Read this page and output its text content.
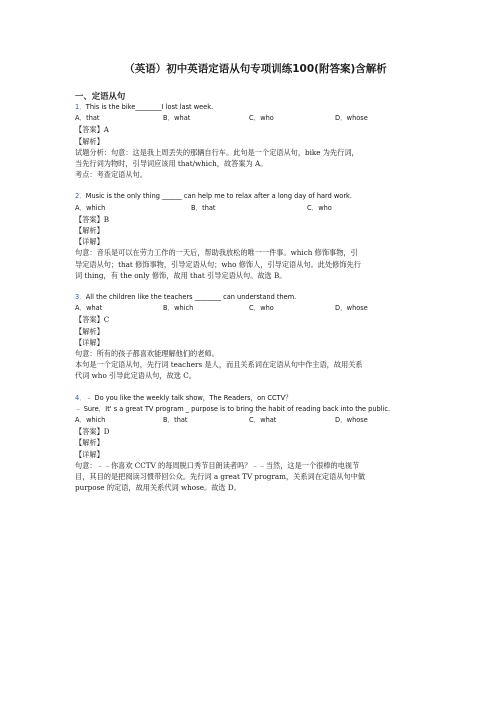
（英语）初中英语定语从句专项训练100(附答案)含解析
一、定语从句
1．This is the bike________I lost last week.
A．that	B．what	C．who	D．whose
【答案】A
【解析】
试题分析：句意：这是我上周丢失的那辆自行车。此句是一个定语从句，bike 为先行词，
当先行词为物时，引导词应该用 that/which，故答案为 A。
考点：考查定语从句。
2．Music is the only thing ______ can help me to relax after a long day of hard work.
A．which	B．that	C．who
【答案】B
【解析】
【详解】
句意：音乐是可以在劳力工作的一天后，帮助我放松的唯一一件事。which 修饰事物，引
导定语从句；that 修饰事物，引导定语从句；who 修饰人，引导定语从句。此处修饰先行
词 thing，有 the only 修饰，故用 that 引导定语从句。故选 B。
3．All the children like the teachers ________ can understand them.
A．what	B．which	C．who	D．whose
【答案】C
【解析】
【详解】
句意：所有的孩子都喜欢能理解他们的老师。
本句是一个定语从句，先行词 teachers 是人，而且关系词在定语从句中作主语，故用关系
代词 who 引导此定语从句，故选 C。
4．﹣ Do you like the weekly talk show，The Readers，on CCTV？
﹣ Sure．It' s a great TV program _ purpose is to bring the habit of reading back into the public.
A．which	B．that	C．what	D．whose
【答案】D
【解析】
【详解】
句意：﹣﹣你喜欢 CCTV 的每周脱口秀节目朗读者吗？﹣﹣当然，这是一个很棒的电视节
目，其目的是把阅读习惯带回公众。先行词 a great TV program，关系词在定语从句中做
purpose 的定语，故用关系代词 whose。故选 D。
